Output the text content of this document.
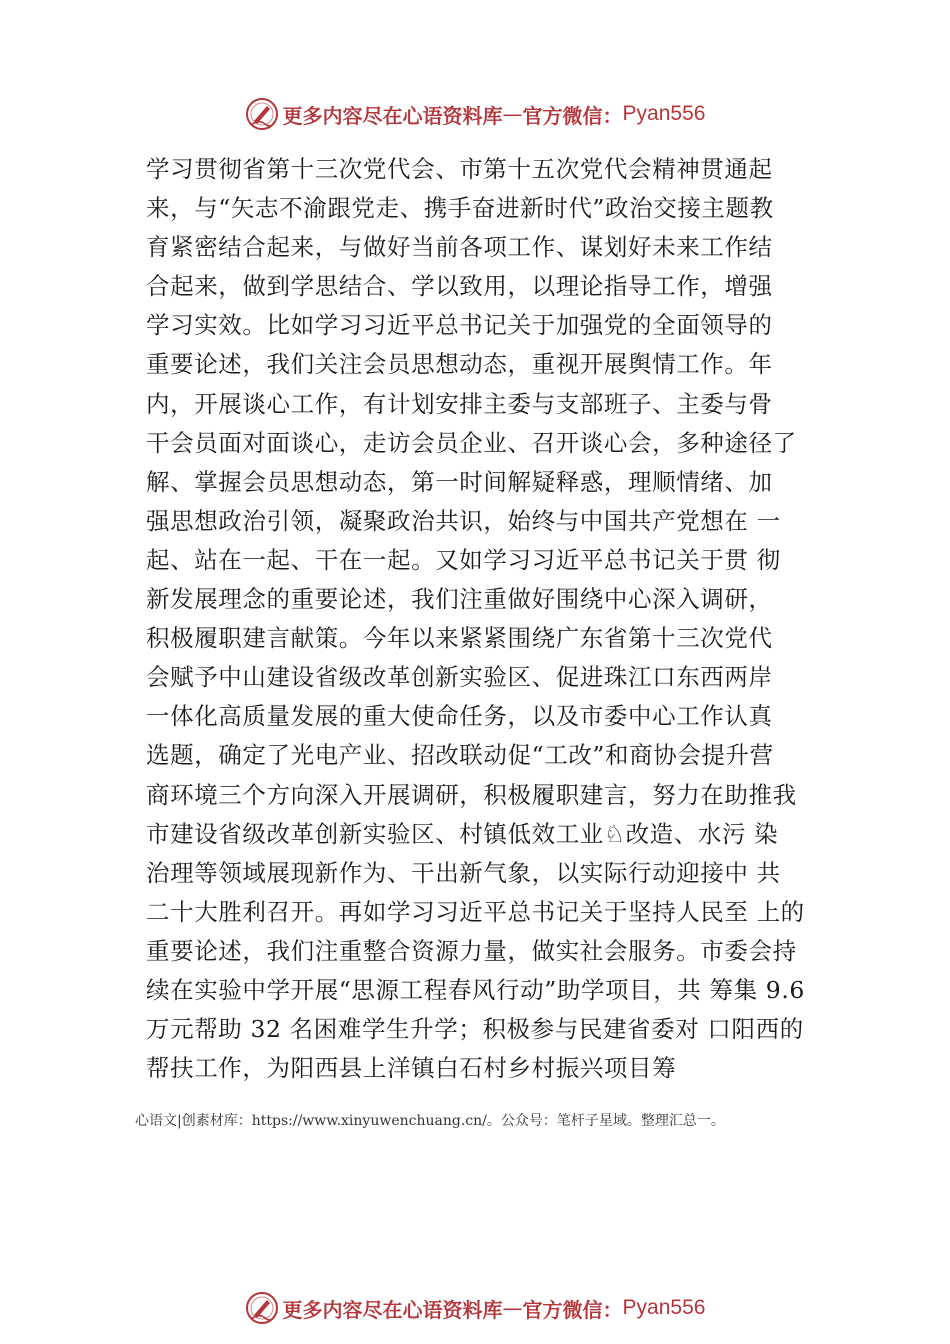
更多内容尽在心语资料库 — 官方微信： Pyan556
学习贯彻省第十三次党代会、市第十五次党代会精神贯通起
来，与“矢志不渝跟党走、携手奋进新时代”政治交接主题教
育紧密结合起来，与做好当前各项工作、谋划好未来工作结
合起来，做到学思结合、学以致用，以理论指导工作，增强
学习实效。比如学习习近平总书记关于加强党的全面领导的
重要论述，我们关注会员思想动态，重视开展舆情工作。年
内，开展谈心工作，有计划安排主委与支部班子、主委与骨
干会员面对面谈心，走访会员企业、召开谈心会，多种途径了
解、掌握会员思想动态，第一时间解疑释惑，理顺情绪、加
强思想政治引领，凝聚政治共识，始终与中国共产党想在 一
起、站在一起、干在一起。又如学习习近平总书记关于贯 彻
新发展理念的重要论述，我们注重做好围绕中心深入调研，
积极履职建言献策。今年以来紧紧围绕广东省第十三次党代
会赋予中山建设省级改革创新实验区、促进珠江口东西两岸
一体化高质量发展的重大使命任务，以及市委中心工作认真
选题，确定了光电产业、招改联动促“工改”和商协会提升营
商环境三个方向深入开展调研，积极履职建言，努力在助推我
市建设省级改革创新实验区、村镇低效工业♘改造、水污 染
治理等领域展现新作为、干出新气象，以实际行动迎接中 共
二十大胜利召开。再如学习习近平总书记关于坚持人民至 上的
重要论述，我们注重整合资源力量，做实社会服务。市委会持
续在实验中学开展“思源工程春风行动”助学项目，共 筹集 9.6
万元帮助 32 名困难学生升学；积极参与民建省委对 口阳西的
帮扶工作，为阳西县上洋镇白石村乡村振兴项目筹
心语文|创素材库：https://www.xinyuwenchuang.cn/。公众号：笔杆子星域。整理汇总一。
更多内容尽在心语资料库 — 官方微信： Pyan556
